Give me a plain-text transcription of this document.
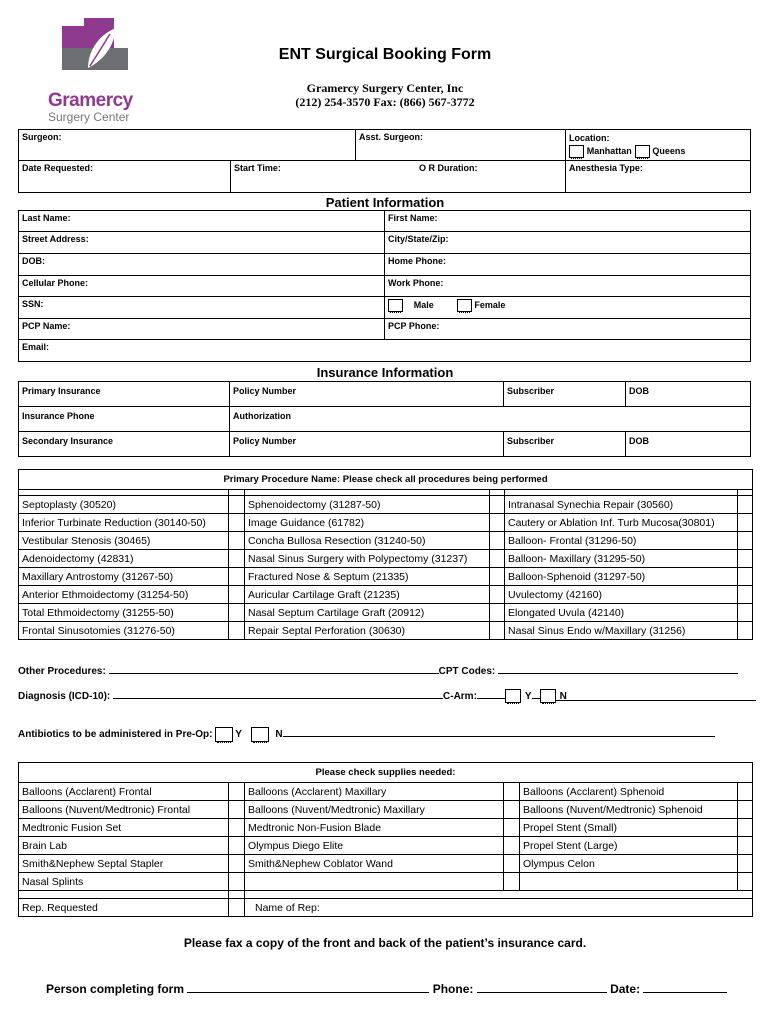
Gramercy
Surgery Center
ENT Surgical Booking Form
Gramercy Surgery Center, Inc
(212) 254-3570 Fax: (866) 567-3772
Surgeon:		Asst. Surgeon:	Location:
Manhattan Queens
Date Requested:	Start Time: O R Duration:		Anesthesia Type:
Patient Information
Last Name:	First Name:
Street Address:	City/State/Zip:
DOB:	Home Phone:
Cellular Phone:	Work Phone:
SSN:	Male Female
PCP Name:	PCP Phone:
Email:	
Insurance Information
Primary Insurance	Policy Number	Subscriber	DOB
Insurance Phone	Authorization		
Secondary Insurance	Policy Number	Subscriber	DOB
Primary Procedure Name: Please check all procedures being performed					

Septoplasty (30520)		Sphenoidectomy (31287-50)		Intranasal Synechia Repair (30560)	
Inferior Turbinate Reduction (30140-50)		Image Guidance (61782)		Cautery or Ablation Inf. Turb Mucosa(30801)	
Vestibular Stenosis (30465)		Concha Bullosa Resection (31240-50)		Balloon- Frontal (31296-50)	
Adenoidectomy (42831)		Nasal Sinus Surgery with Polypectomy (31237)		Balloon- Maxillary (31295-50)	
Maxillary Antrostomy (31267-50)		Fractured Nose & Septum (21335)		Balloon-Sphenoid (31297-50)	
Anterior Ethmoidectomy (31254-50)		Auricular Cartilage Graft (21235)		Uvulectomy (42160)	
Total Ethmoidectomy (31255-50)		Nasal Septum Cartilage Graft (20912)		Elongated Uvula (42140)	
Frontal Sinusotomies (31276-50)		Repair Septal Perforation (30630)		Nasal Sinus Endo w/Maxillary (31256)	
Other Procedures:	CPT Codes:
Diagnosis (ICD-10):	C-Arm:	Y	N
Antibiotics to be administered in Pre-Op: Y	N
Please check supplies needed:					
Balloons (Acclarent) Frontal		Balloons (Acclarent) Maxillary		Balloons (Acclarent) Sphenoid	
Balloons (Nuvent/Medtronic) Frontal		Balloons (Nuvent/Medtronic) Maxillary		Balloons (Nuvent/Medtronic) Sphenoid	
Medtronic Fusion Set		Medtronic Non-Fusion Blade		Propel Stent (Small)	
Brain Lab		Olympus Diego Elite		Propel Stent (Large)	
Smith&Nephew Septal Stapler		Smith&Nephew Coblator Wand		Olympus Celon	
Nasal Splints					

Rep. Requested		Name of Rep:			
Please fax a copy of the front and back of the patient’s insurance card.
Person completing form	Phone:	Date:
